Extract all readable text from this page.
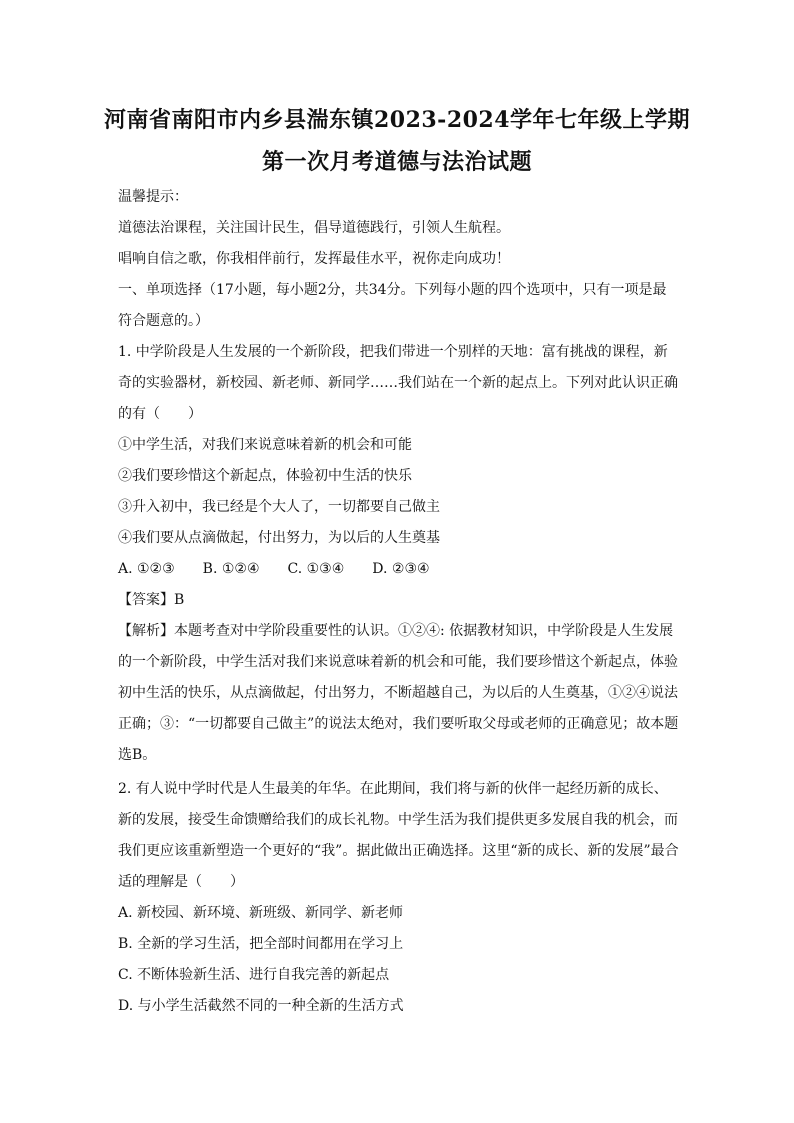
河南省南阳市内乡县湍东镇2023-2024学年七年级上学期
第一次月考道德与法治试题
温馨提示：
道德法治课程，关注国计民生，倡导道德践行，引领人生航程。
唱响自信之歌，你我相伴前行，发挥最佳水平，祝你走向成功！
一、单项选择（17小题，每小题2分，共34分。下列每小题的四个选项中，只有一项是最
符合题意的。）
1. 中学阶段是人生发展的一个新阶段，把我们带进一个别样的天地：富有挑战的课程，新
奇的实验器材，新校园、新老师、新同学……我们站在一个新的起点上。下列对此认识正确
的有（　　）
①中学生活，对我们来说意味着新的机会和可能
②我们要珍惜这个新起点，体验初中生活的快乐
③升入初中，我已经是个大人了，一切都要自己做主
④我们要从点滴做起，付出努力，为以后的人生奠基
A. ①②③　　B. ①②④　　C. ①③④　　D. ②③④
【答案】B
【解析】本题考查对中学阶段重要性的认识。①②④: 依据教材知识，中学阶段是人生发展
的一个新阶段，中学生活对我们来说意味着新的机会和可能，我们要珍惜这个新起点，体验
初中生活的快乐，从点滴做起，付出努力，不断超越自己，为以后的人生奠基，①②④说法
正确；③：“一切都要自己做主”的说法太绝对，我们要听取父母或老师的正确意见；故本题
选B。
2. 有人说中学时代是人生最美的年华。在此期间，我们将与新的伙伴一起经历新的成长、
新的发展，接受生命馈赠给我们的成长礼物。中学生活为我们提供更多发展自我的机会，而
我们更应该重新塑造一个更好的“我”。据此做出正确选择。这里“新的成长、新的发展”最合
适的理解是（　　）
A. 新校园、新环境、新班级、新同学、新老师
B. 全新的学习生活，把全部时间都用在学习上
C. 不断体验新生活、进行自我完善的新起点
D. 与小学生活截然不同的一种全新的生活方式
